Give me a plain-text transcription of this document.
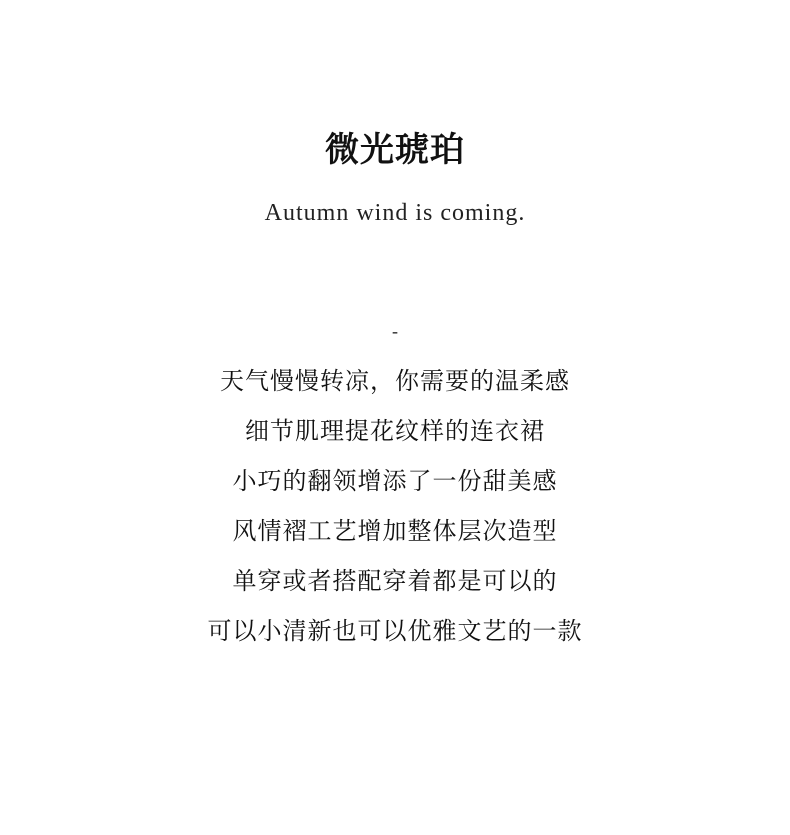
微光琥珀
Autumn wind is coming.
-
天气慢慢转凉，你需要的温柔感
细节肌理提花纹样的连衣裙
小巧的翻领增添了一份甜美感
风情褶工艺增加整体层次造型
单穿或者搭配穿着都是可以的
可以小清新也可以优雅文艺的一款
